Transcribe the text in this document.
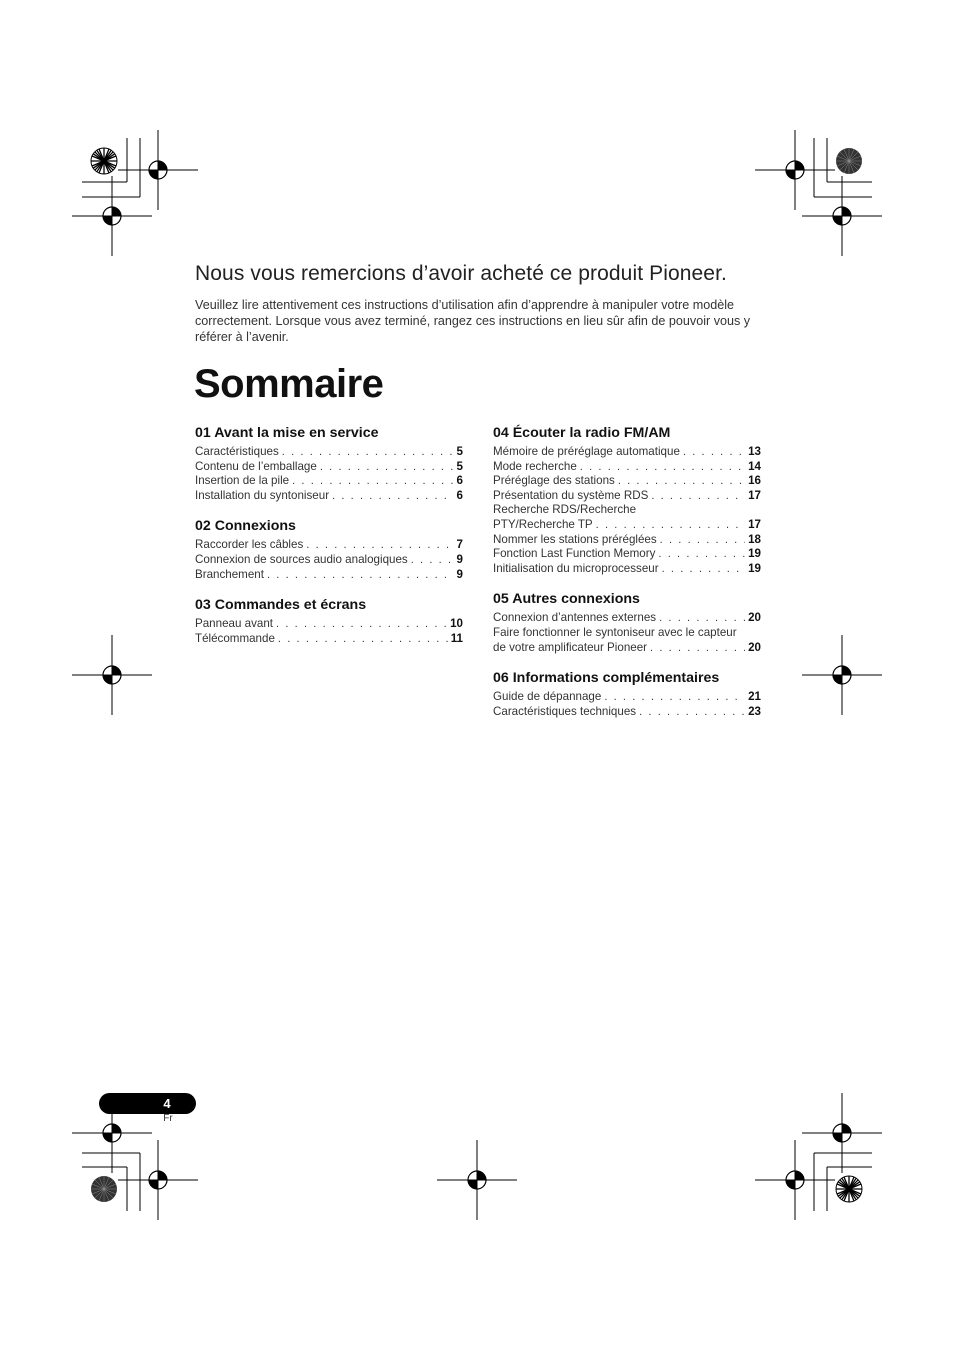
Nous vous remercions d’avoir acheté ce produit Pioneer.

Veuillez lire attentivement ces instructions d’utilisation afin d’apprendre à manipuler votre modèle correctement. Lorsque vous avez terminé, rangez ces instructions en lieu sûr afin de pouvoir vous y référer à l’avenir.

Sommaire
01 Avant la mise en service
Caractéristiques . . .	5
Contenu de l’emballage . . .	5
Insertion de la pile . . .	6
Installation du syntoniseur . . .	6
02 Connexions
Raccorder les câbles . . .	7
Connexion de sources audio analogiques . . .	9
Branchement . . .	9
03 Commandes et écrans
Panneau avant . . .	10
Télécommande . . .	11
04 Écouter la radio FM/AM
Mémoire de préréglage automatique . . .	13
Mode recherche . . .	14
Préréglage des stations . . .	16
Présentation du système RDS . . .	17
Recherche RDS/Recherche
PTY/Recherche TP . . .	17
Nommer les stations préréglées . . .	18
Fonction Last Function Memory . . .	19
Initialisation du microprocesseur . . .	19
05 Autres connexions
Connexion d’antennes externes . . .	20
Faire fonctionner le syntoniseur avec le capteur
de votre amplificateur Pioneer . . .	20
06 Informations complémentaires
Guide de dépannage . . .	21
Caractéristiques techniques . . .	23
4
Fr
